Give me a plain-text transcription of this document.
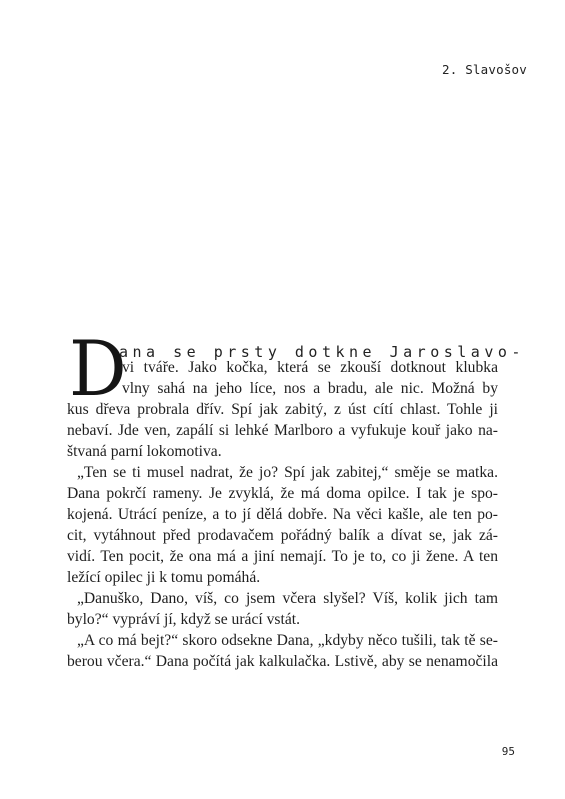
2. Slavošov
D
ana se prsty dotkne Jaroslavo-
vi tváře. Jako kočka, která se zkouší dotknout klubka
vlny sahá na jeho líce, nos a bradu, ale nic. Možná by
kus dřeva probrala dřív. Spí jak zabitý, z úst cítí chlast. Tohle ji
nebaví. Jde ven, zapálí si lehké Marlboro a vyfukuje kouř jako na-
štvaná parní lokomotiva.
„Ten se ti musel nadrat, že jo? Spí jak zabitej,“ směje se matka.
Dana pokrčí rameny. Je zvyklá, že má doma opilce. I tak je spo-
kojená. Utrácí peníze, a to jí dělá dobře. Na věci kašle, ale ten po-
cit, vytáhnout před prodavačem pořádný balík a dívat se, jak zá-
vidí. Ten pocit, že ona má a jiní nemají. To je to, co ji žene. A ten
ležící opilec ji k tomu pomáhá.
„Danuško, Dano, víš, co jsem včera slyšel? Víš, kolik jich tam
bylo?“ vypráví jí, když se urácí vstát.
„A co má bejt?“ skoro odsekne Dana, „kdyby něco tušili, tak tě se-
berou včera.“ Dana počítá jak kalkulačka. Lstivě, aby se nenamočila
95
